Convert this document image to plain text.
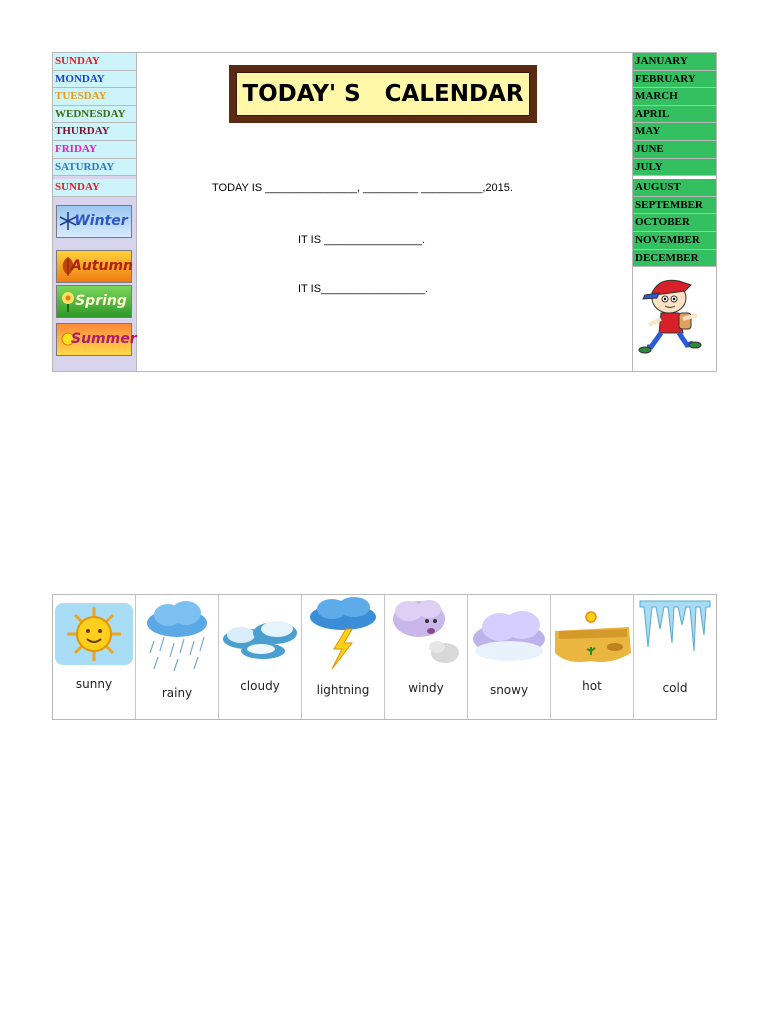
SUNDAY
MONDAY
TUESDAY
WEDNESDAY
THURDAY
FRIDAY
SATURDAY
SUNDAY
Winter
Autumn
Spring
Summer
TODAY' S   CALENDAR
TODAY IS _______________, _________ __________,2015.
IT IS ________________.
IT IS_________________.
JANUARY
FEBRUARY
MARCH
APRIL
MAY
JUNE
JULY
AUGUST
SEPTEMBER
OCTOBER
NOVEMBER
DECEMBER
sunny
rainy	cloudy	lightning	windy	snowy	hot	cold
